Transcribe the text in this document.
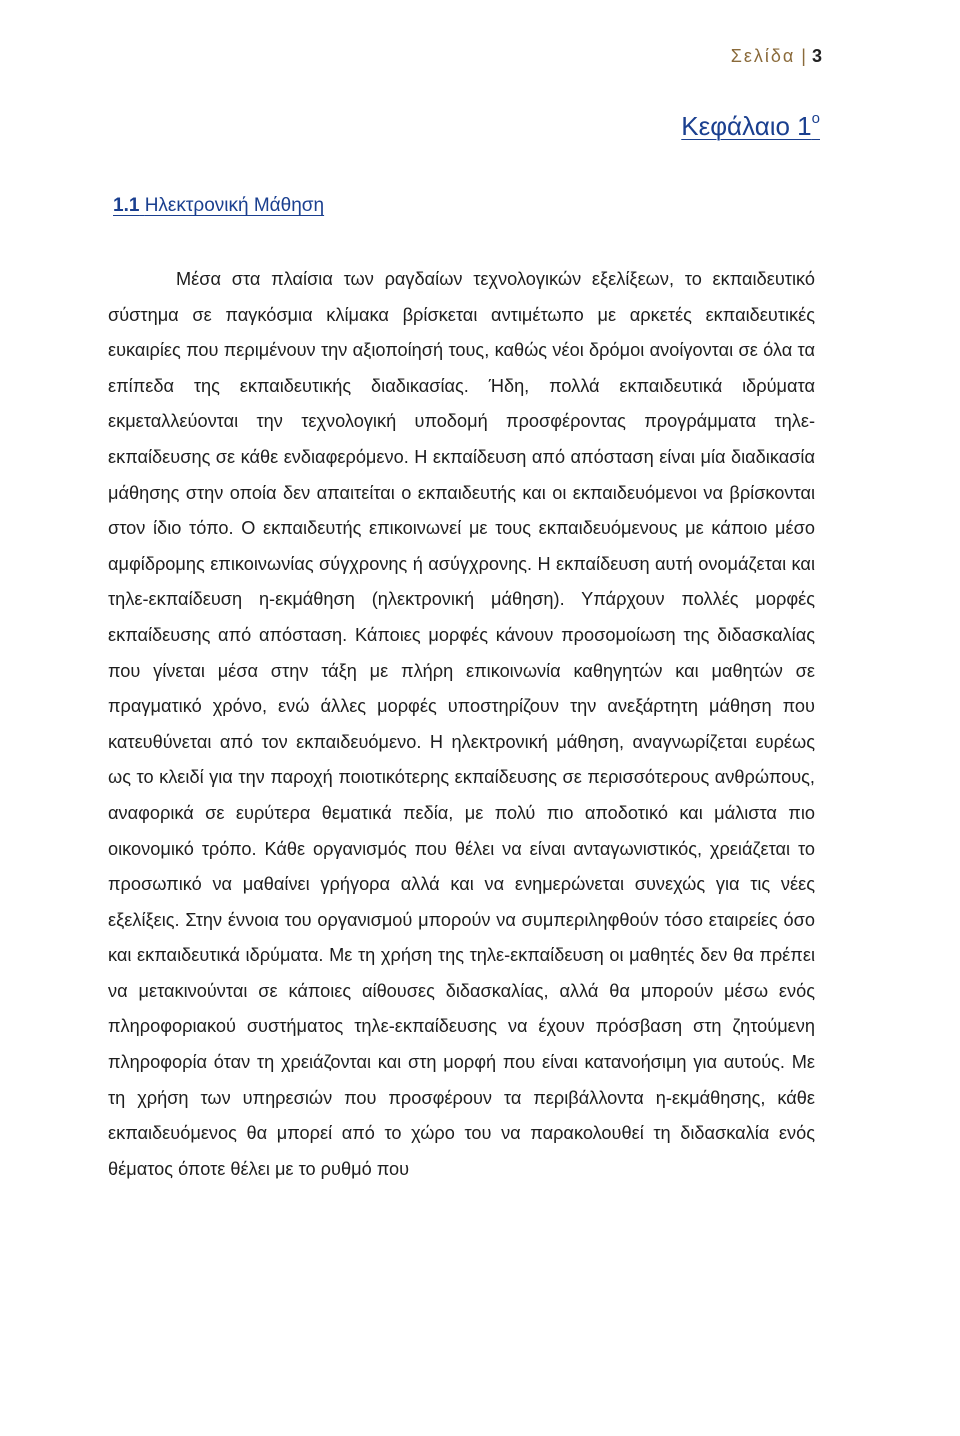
Σελίδα | 3
Κεφάλαιο $1^o$
1.1 Ηλεκτρονική Μάθηση

Μέσα στα πλαίσια των ραγδαίων τεχνολογικών εξελίξεων, το εκπαιδευτικό σύστημα σε παγκόσμια κλίμακα βρίσκεται αντιμέτωπο με αρκετές εκπαιδευτικές ευκαιρίες που περιμένουν την αξιοποίησή τους, καθώς νέοι δρόμοι ανοίγονται σε όλα τα επίπεδα της εκπαιδευτικής διαδικασίας. Ήδη, πολλά εκπαιδευτικά ιδρύματα εκμεταλλεύονται την τεχνολογική υποδομή προσφέροντας προγράμματα τηλε-εκπαίδευσης σε κάθε ενδιαφερόμενο. Η εκπαίδευση από απόσταση είναι μία διαδικασία μάθησης στην οποία δεν απαιτείται ο εκπαιδευτής και οι εκπαιδευόμενοι να βρίσκονται στον ίδιο τόπο. Ο εκπαιδευτής επικοινωνεί με τους εκπαιδευόμενους με κάποιο μέσο αμφίδρομης επικοινωνίας σύγχρονης ή ασύγχρονης. Η εκπαίδευση αυτή ονομάζεται και τηλε-εκπαίδευση η-εκμάθηση (ηλεκτρονική μάθηση). Υπάρχουν πολλές μορφές εκπαίδευσης από απόσταση. Κάποιες μορφές κάνουν προσομοίωση της διδασκαλίας που γίνεται μέσα στην τάξη με πλήρη επικοινωνία καθηγητών και μαθητών σε πραγματικό χρόνο, ενώ άλλες μορφές υποστηρίζουν την ανεξάρτητη μάθηση που κατευθύνεται από τον εκπαιδευόμενο. Η ηλεκτρονική μάθηση, αναγνωρίζεται ευρέως ως το κλειδί για την παροχή ποιοτικότερης εκπαίδευσης σε περισσότερους ανθρώπους, αναφορικά σε ευρύτερα θεματικά πεδία, με πολύ πιο αποδοτικό και μάλιστα πιο οικονομικό τρόπο. Κάθε οργανισμός που θέλει να είναι ανταγωνιστικός, χρειάζεται το προσωπικό να μαθαίνει γρήγορα αλλά και να ενημερώνεται συνεχώς για τις νέες εξελίξεις. Στην έννοια του οργανισμού μπορούν να συμπεριληφθούν τόσο εταιρείες όσο και εκπαιδευτικά ιδρύματα. Με τη χρήση της τηλε-εκπαίδευση οι μαθητές δεν θα πρέπει να μετακινούνται σε κάποιες αίθουσες διδασκαλίας, αλλά θα μπορούν μέσω ενός πληροφοριακού συστήματος τηλε-εκπαίδευσης να έχουν πρόσβαση στη ζητούμενη πληροφορία όταν τη χρειάζονται και στη μορφή που είναι κατανοήσιμη για αυτούς. Με τη χρήση των υπηρεσιών που προσφέρουν τα περιβάλλοντα η-εκμάθησης, κάθε εκπαιδευόμενος θα μπορεί από το χώρο του να παρακολουθεί τη διδασκαλία ενός θέματος όποτε θέλει με το ρυθμό που
